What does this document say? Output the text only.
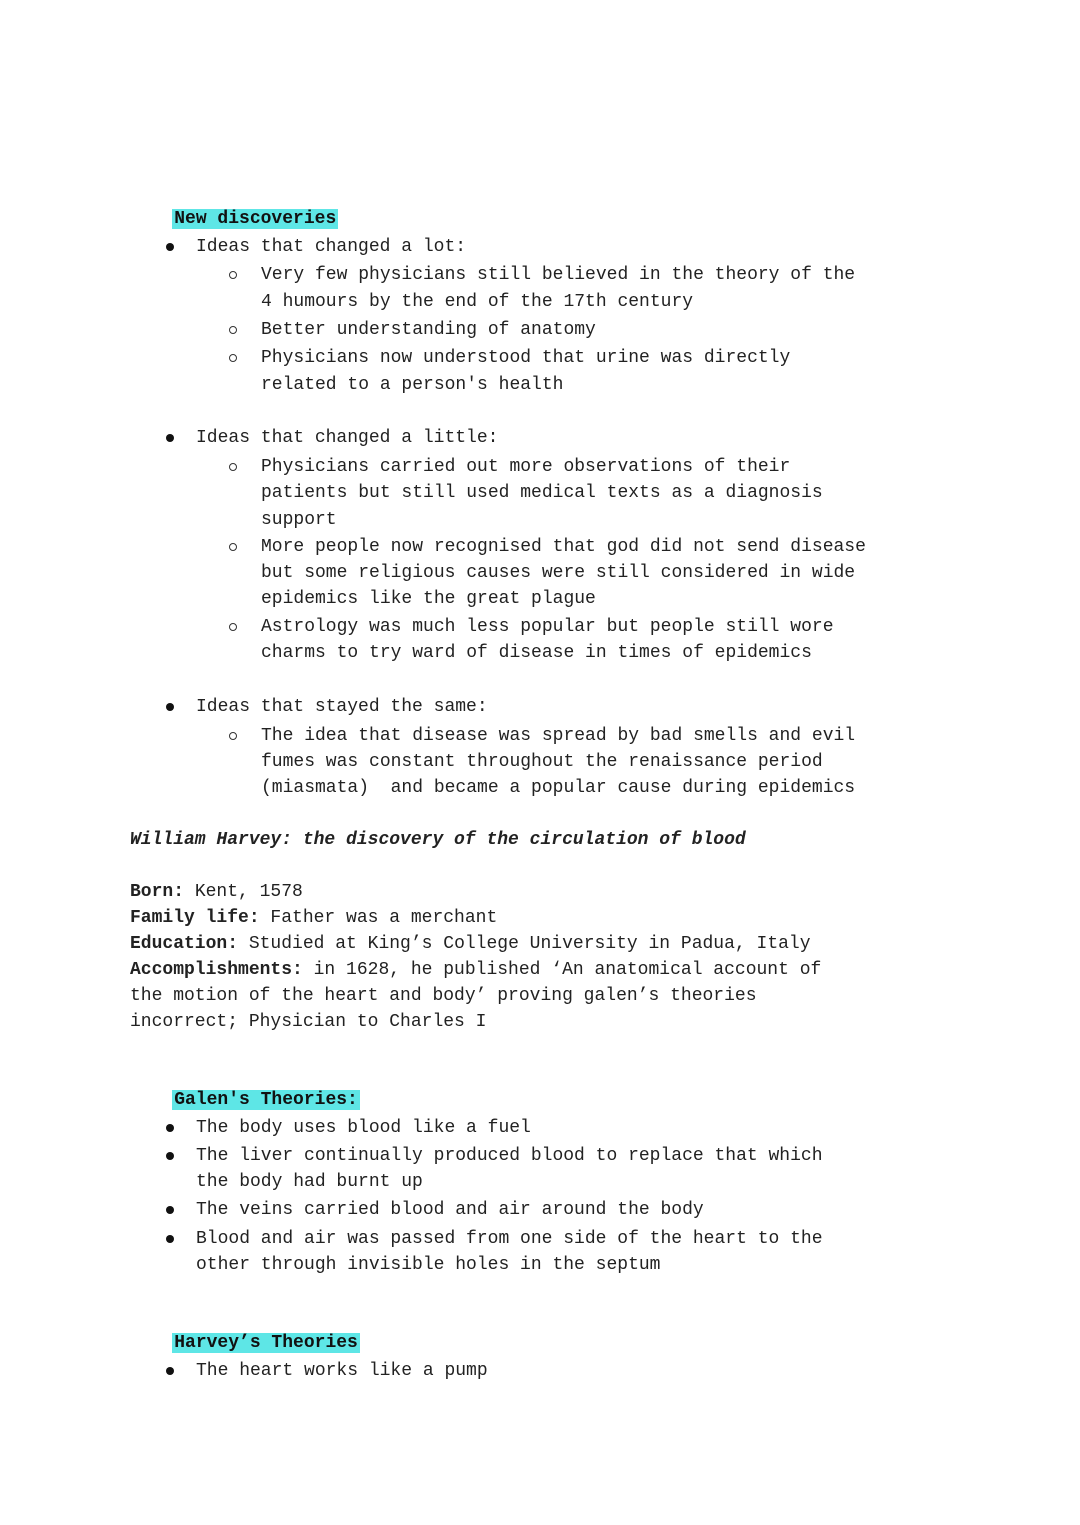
New discoveries

Ideas that changed a lot:
Very few physicians still believed in the theory of the
4 humours by the end of the 17th century
Better understanding of anatomy
Physicians now understood that urine was directly
related to a person's health
Ideas that changed a little:
Physicians carried out more observations of their
patients but still used medical texts as a diagnosis
support
More people now recognised that god did not send disease
but some religious causes were still considered in wide
epidemics like the great plague
Astrology was much less popular but people still wore
charms to try ward of disease in times of epidemics
Ideas that stayed the same:
The idea that disease was spread by bad smells and evil
fumes was constant throughout the renaissance period
(miasmata)  and became a popular cause during epidemics
William Harvey: the discovery of the circulation of blood
Born: Kent, 1578
Family life: Father was a merchant
Education: Studied at King’s College University in Padua, Italy
Accomplishments: in 1628, he published ‘An anatomical account of
the motion of the heart and body’ proving galen’s theories
incorrect; Physician to Charles I

Galen's Theories:

The body uses blood like a fuel
The liver continually produced blood to replace that which
the body had burnt up
The veins carried blood and air around the body
Blood and air was passed from one side of the heart to the
other through invisible holes in the septum

Harvey’s Theories

The heart works like a pump
